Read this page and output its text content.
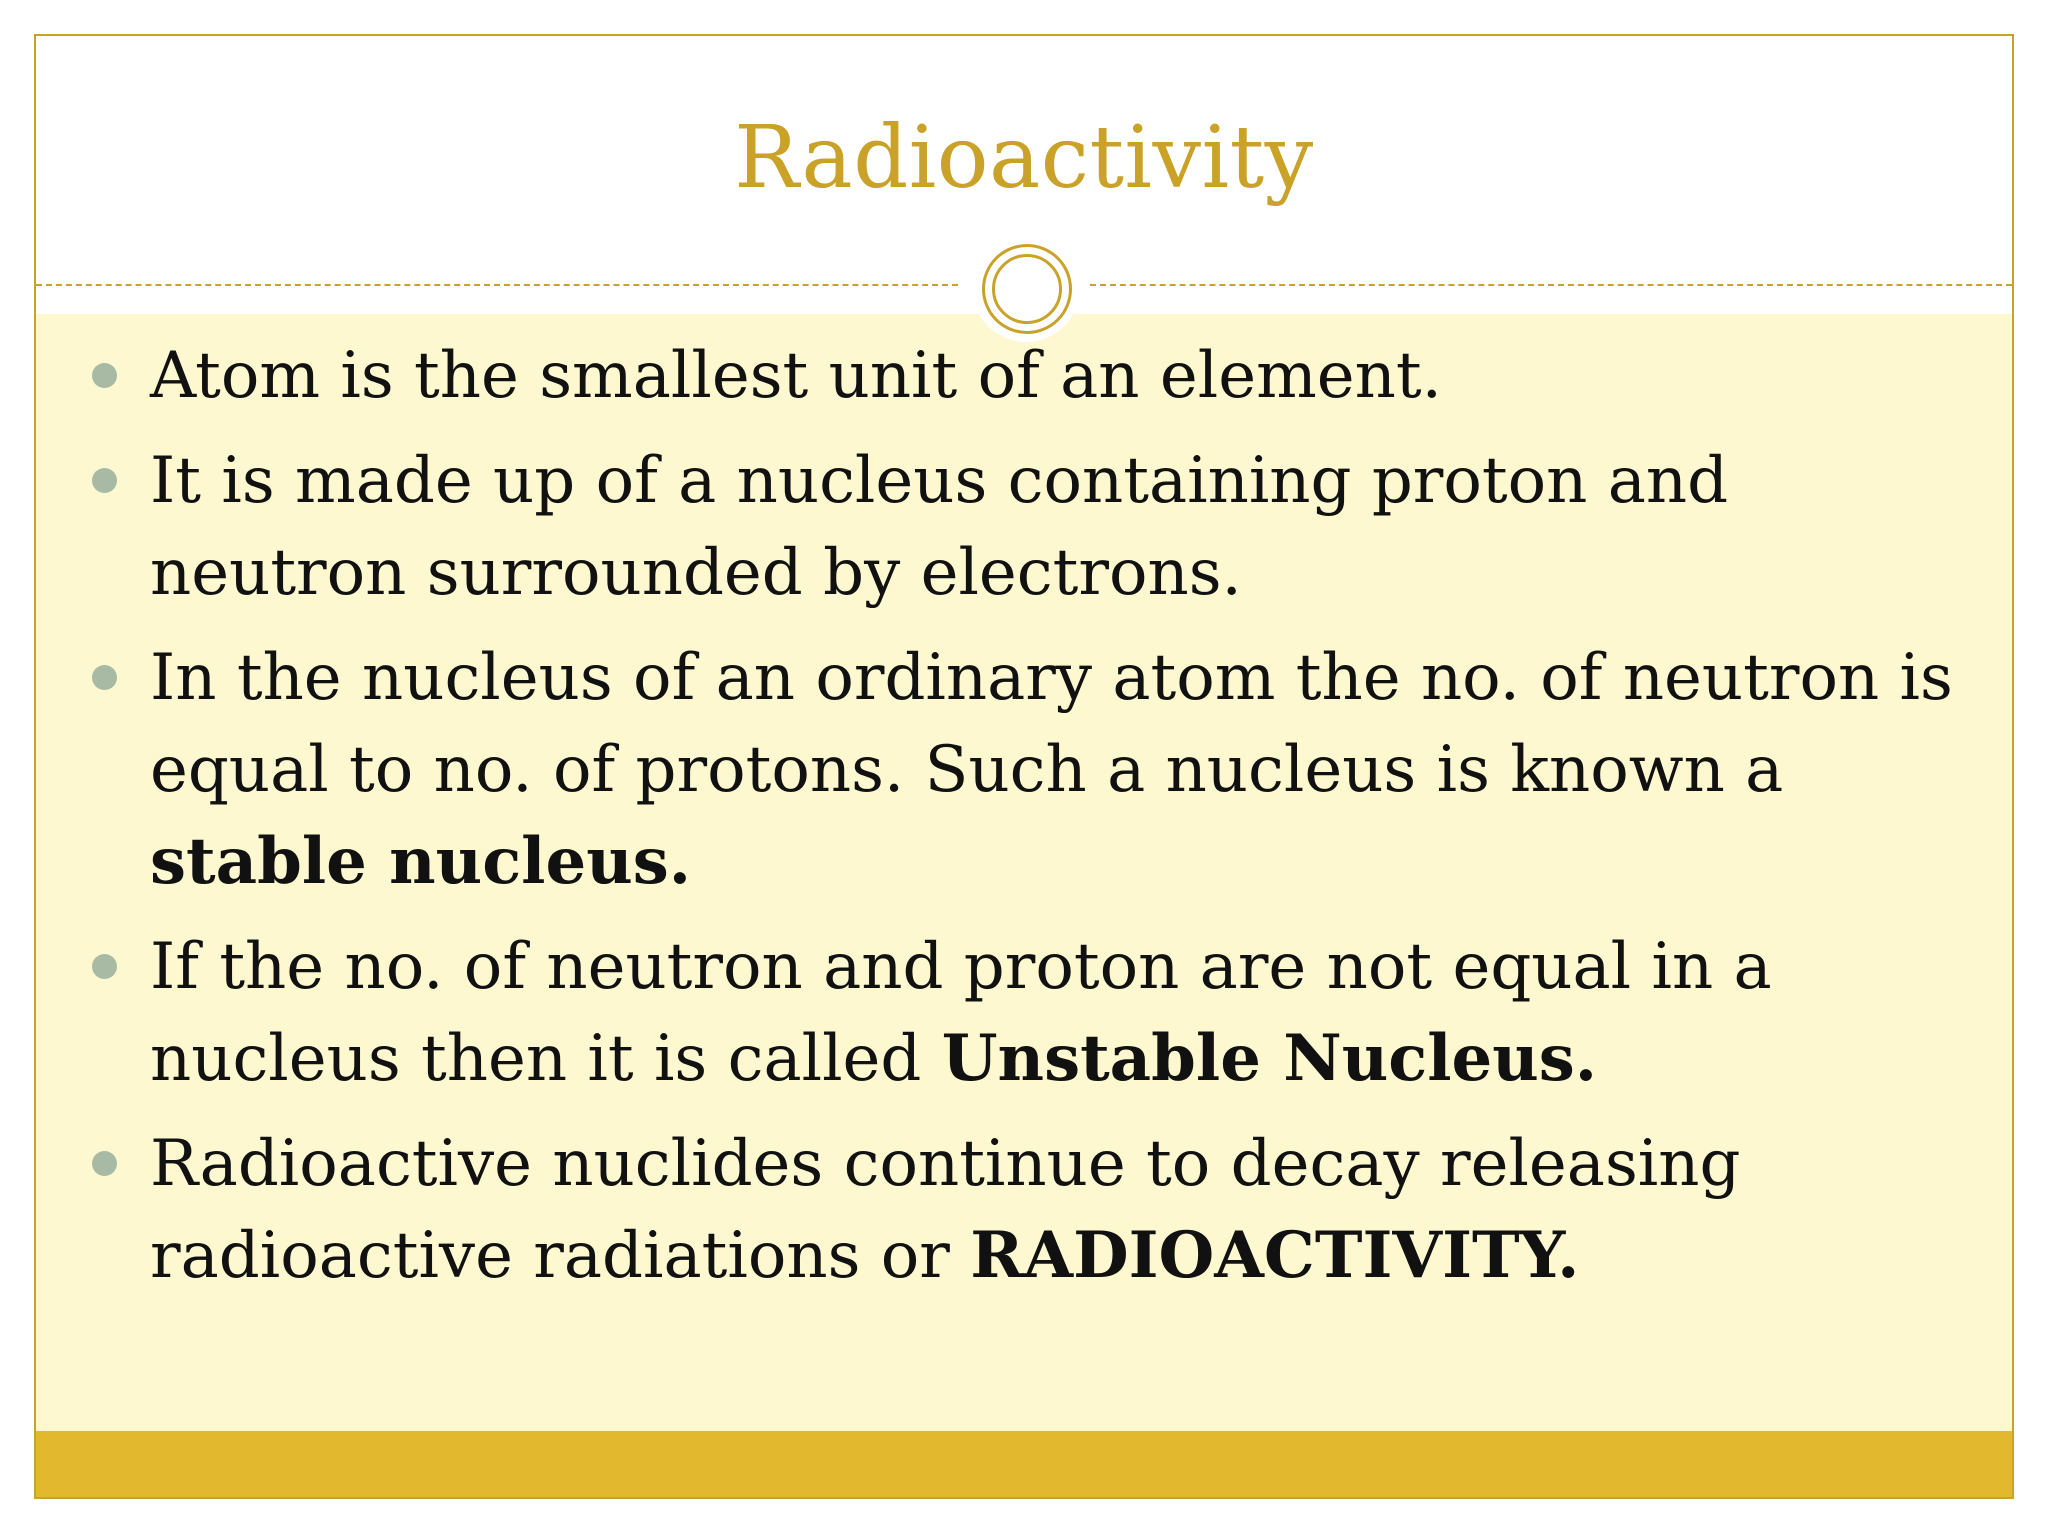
Radioactivity
Atom is the smallest unit of an element.
It is made up of a nucleus containing proton and neutron surrounded by electrons.
In the nucleus of an ordinary atom the no. of neutron is equal to no. of protons. Such a nucleus is known a stable nucleus.
If the no. of neutron and proton are not equal in a nucleus then it is called Unstable Nucleus.
Radioactive nuclides continue to decay releasing radioactive radiations or RADIOACTIVITY.
